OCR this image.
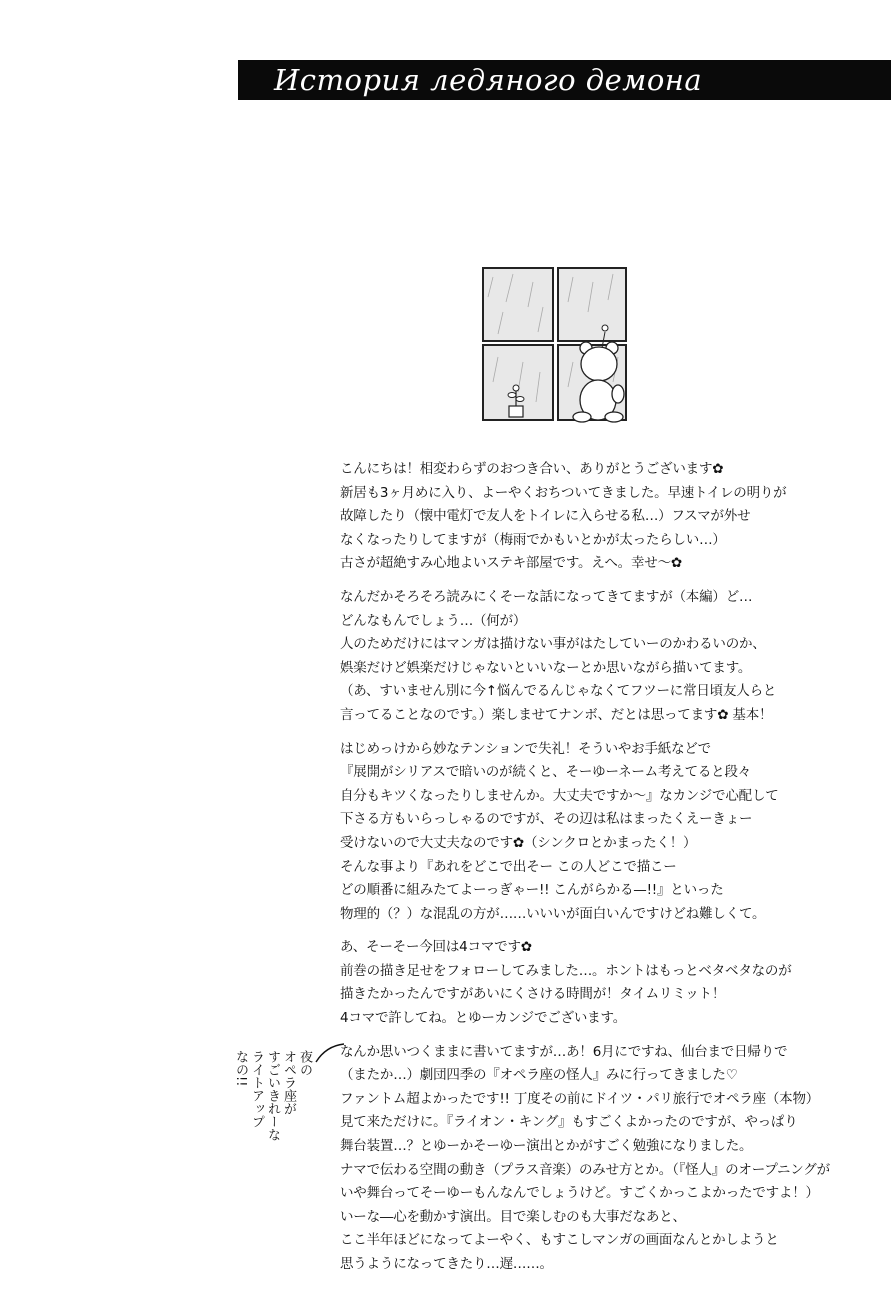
История ледяного демона
こんにちは！相変わらずのおつき合い、ありがとうございます✿
新居も3ヶ月めに入り、よーやくおちついてきました。早速トイレの明りが
故障したり（懐中電灯で友人をトイレに入らせる私…）フスマが外せ
なくなったりしてますが（梅雨でかもいとかが太ったらしい…）
古さが超絶すみ心地よいステキ部屋です。えへ。幸せ～✿
なんだかそろそろ読みにくそーな話になってきてますが（本編）ど…
どんなもんでしょう…（何が）
人のためだけにはマンガは描けない事がはたしていーのかわるいのか、
娯楽だけど娯楽だけじゃないといいなーとか思いながら描いてます。
（あ、すいません別に今↑悩んでるんじゃなくてフツーに常日頃友人らと
言ってることなのです。）楽しませてナンボ、だとは思ってます✿ 基本！
はじめっけから妙なテンションで失礼！そういやお手紙などで
『展開がシリアスで暗いのが続くと、そーゆーネーム考えてると段々
自分もキツくなったりしませんか。大丈夫ですか〜』なカンジで心配して
下さる方もいらっしゃるのですが、その辺は私はまったくえーきょー
受けないので大丈夫なのです✿（シンクロとかまったく！）
そんな事より『あれをどこで出そー この人どこで描こー
どの順番に組みたてよーっぎゃー!! こんがらかる—!!』といった
物理的（？）な混乱の方が……いいいが面白いんですけどね難しくて。
あ、そーそー今回は4コマです✿
前巻の描き足せをフォローしてみました…。ホントはもっとベタベタなのが
描きたかったんですがあいにくさける時間が！タイムリミット！
4コマで許してね。とゆーカンジでございます。
なんか思いつくままに書いてますが…あ！6月にですね、仙台まで日帰りで
（またか…）劇団四季の『オペラ座の怪人』みに行ってきました♡
ファントム超よかったです!! 丁度その前にドイツ・パリ旅行でオペラ座（本物）
見て来ただけに。『ライオン・キング』もすごくよかったのですが、やっぱり
舞台装置…？とゆーかそーゆー演出とかがすごく勉強になりました。
ナマで伝わる空間の動き（プラス音楽）のみせ方とか。（『怪人』のオープニングが
いや舞台ってそーゆーもんなんでしょうけど。すごくかっこよかったですよ！）
いーな―心を動かす演出。目で楽しむのも大事だなあと、
ここ半年ほどになってよーやく、もすこしマンガの画面なんとかしようと
思うようになってきたり…遅……。
夜の
オペラ座が
すごいきれーな
ライトアップ
なの!!
